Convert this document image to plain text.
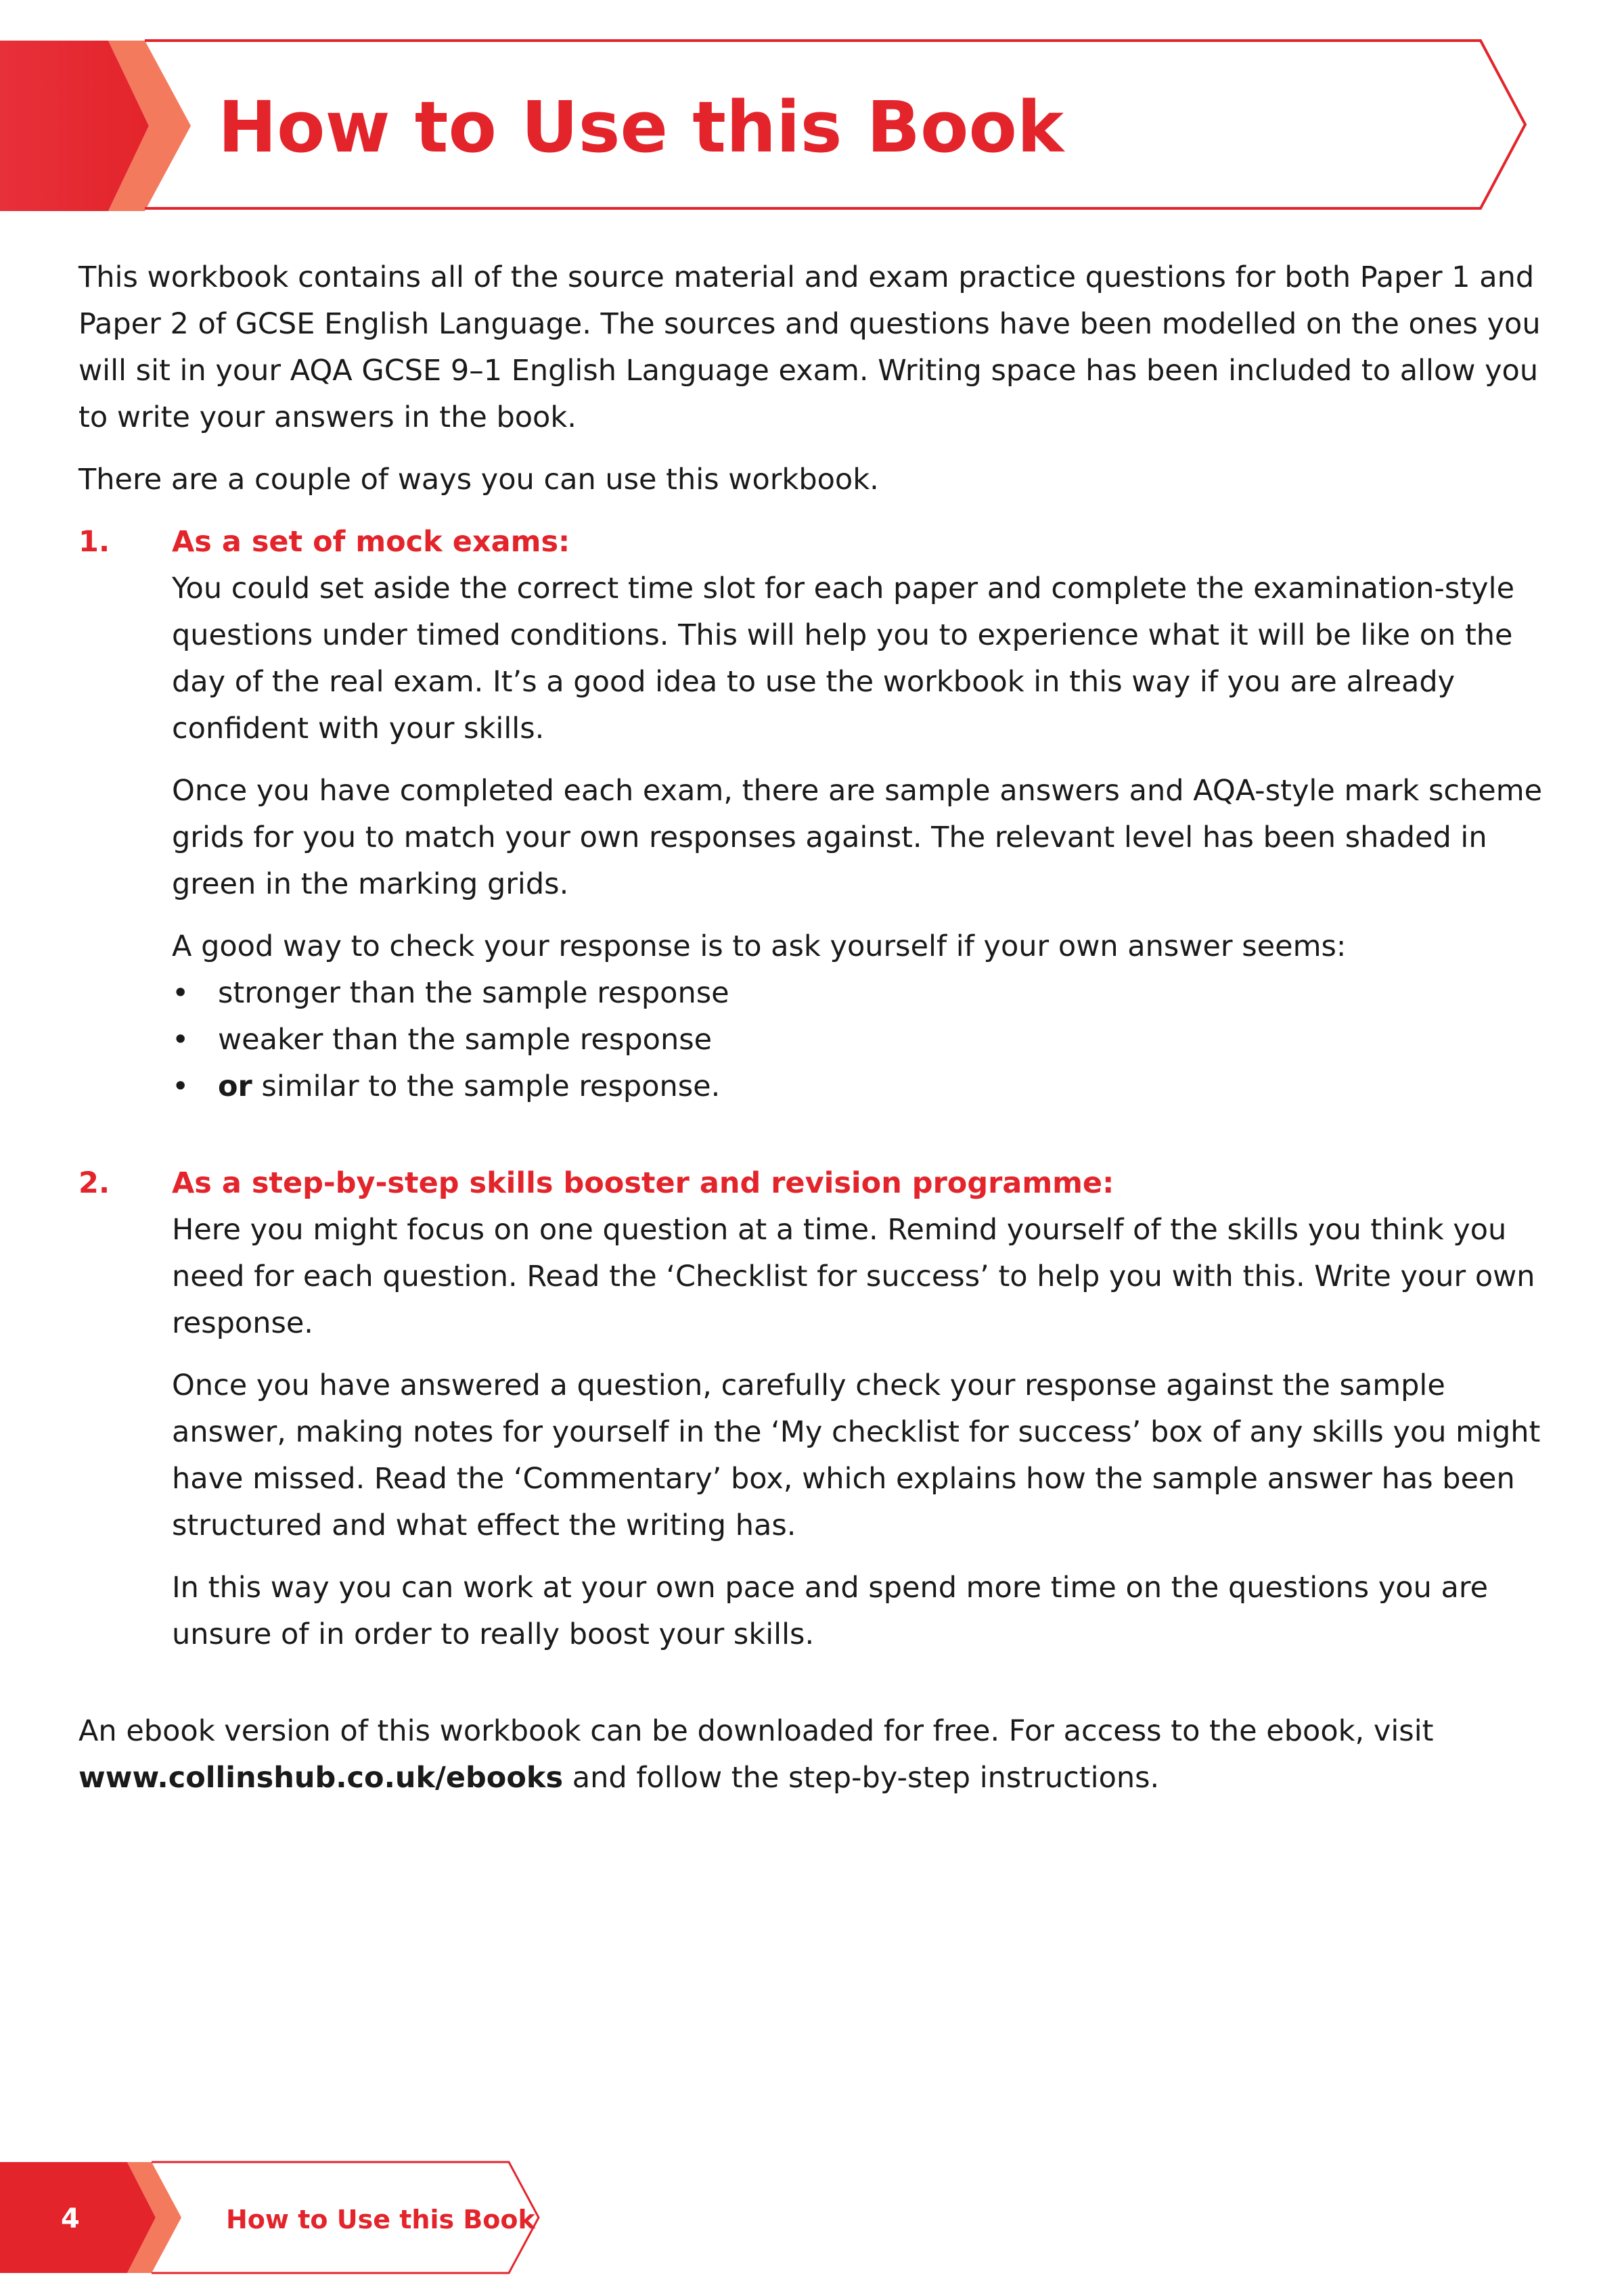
How to Use this Book

This workbook contains all of the source material and exam practice questions for both Paper 1 and Paper 2 of GCSE English Language. The sources and questions have been modelled on the ones you will sit in your AQA GCSE 9–1 English Language exam. Writing space has been included to allow you to write your answers in the book.

There are a couple of ways you can use this workbook.

1. As a set of mock exams:

You could set aside the correct time slot for each paper and complete the examination-style questions under timed conditions. This will help you to experience what it will be like on the day of the real exam. It’s a good idea to use the workbook in this way if you are already confident with your skills.

Once you have completed each exam, there are sample answers and AQA-style mark scheme grids for you to match your own responses against. The relevant level has been shaded in green in the marking grids.

A good way to check your response is to ask yourself if your own answer seems:

• stronger than the sample response
• weaker than the sample response
• or similar to the sample response.
2. As a step-by-step skills booster and revision programme:

Here you might focus on one question at a time. Remind yourself of the skills you think you need for each question. Read the ‘Checklist for success’ to help you with this. Write your own response.

Once you have answered a question, carefully check your response against the sample answer, making notes for yourself in the ‘My checklist for success’ box of any skills you might have missed. Read the ‘Commentary’ box, which explains how the sample answer has been structured and what effect the writing has.

In this way you can work at your own pace and spend more time on the questions you are unsure of in order to really boost your skills.

An ebook version of this workbook can be downloaded for free. For access to the ebook, visit www.collinshub.co.uk/ebooks and follow the step-by-step instructions.

4	How to Use this Book
